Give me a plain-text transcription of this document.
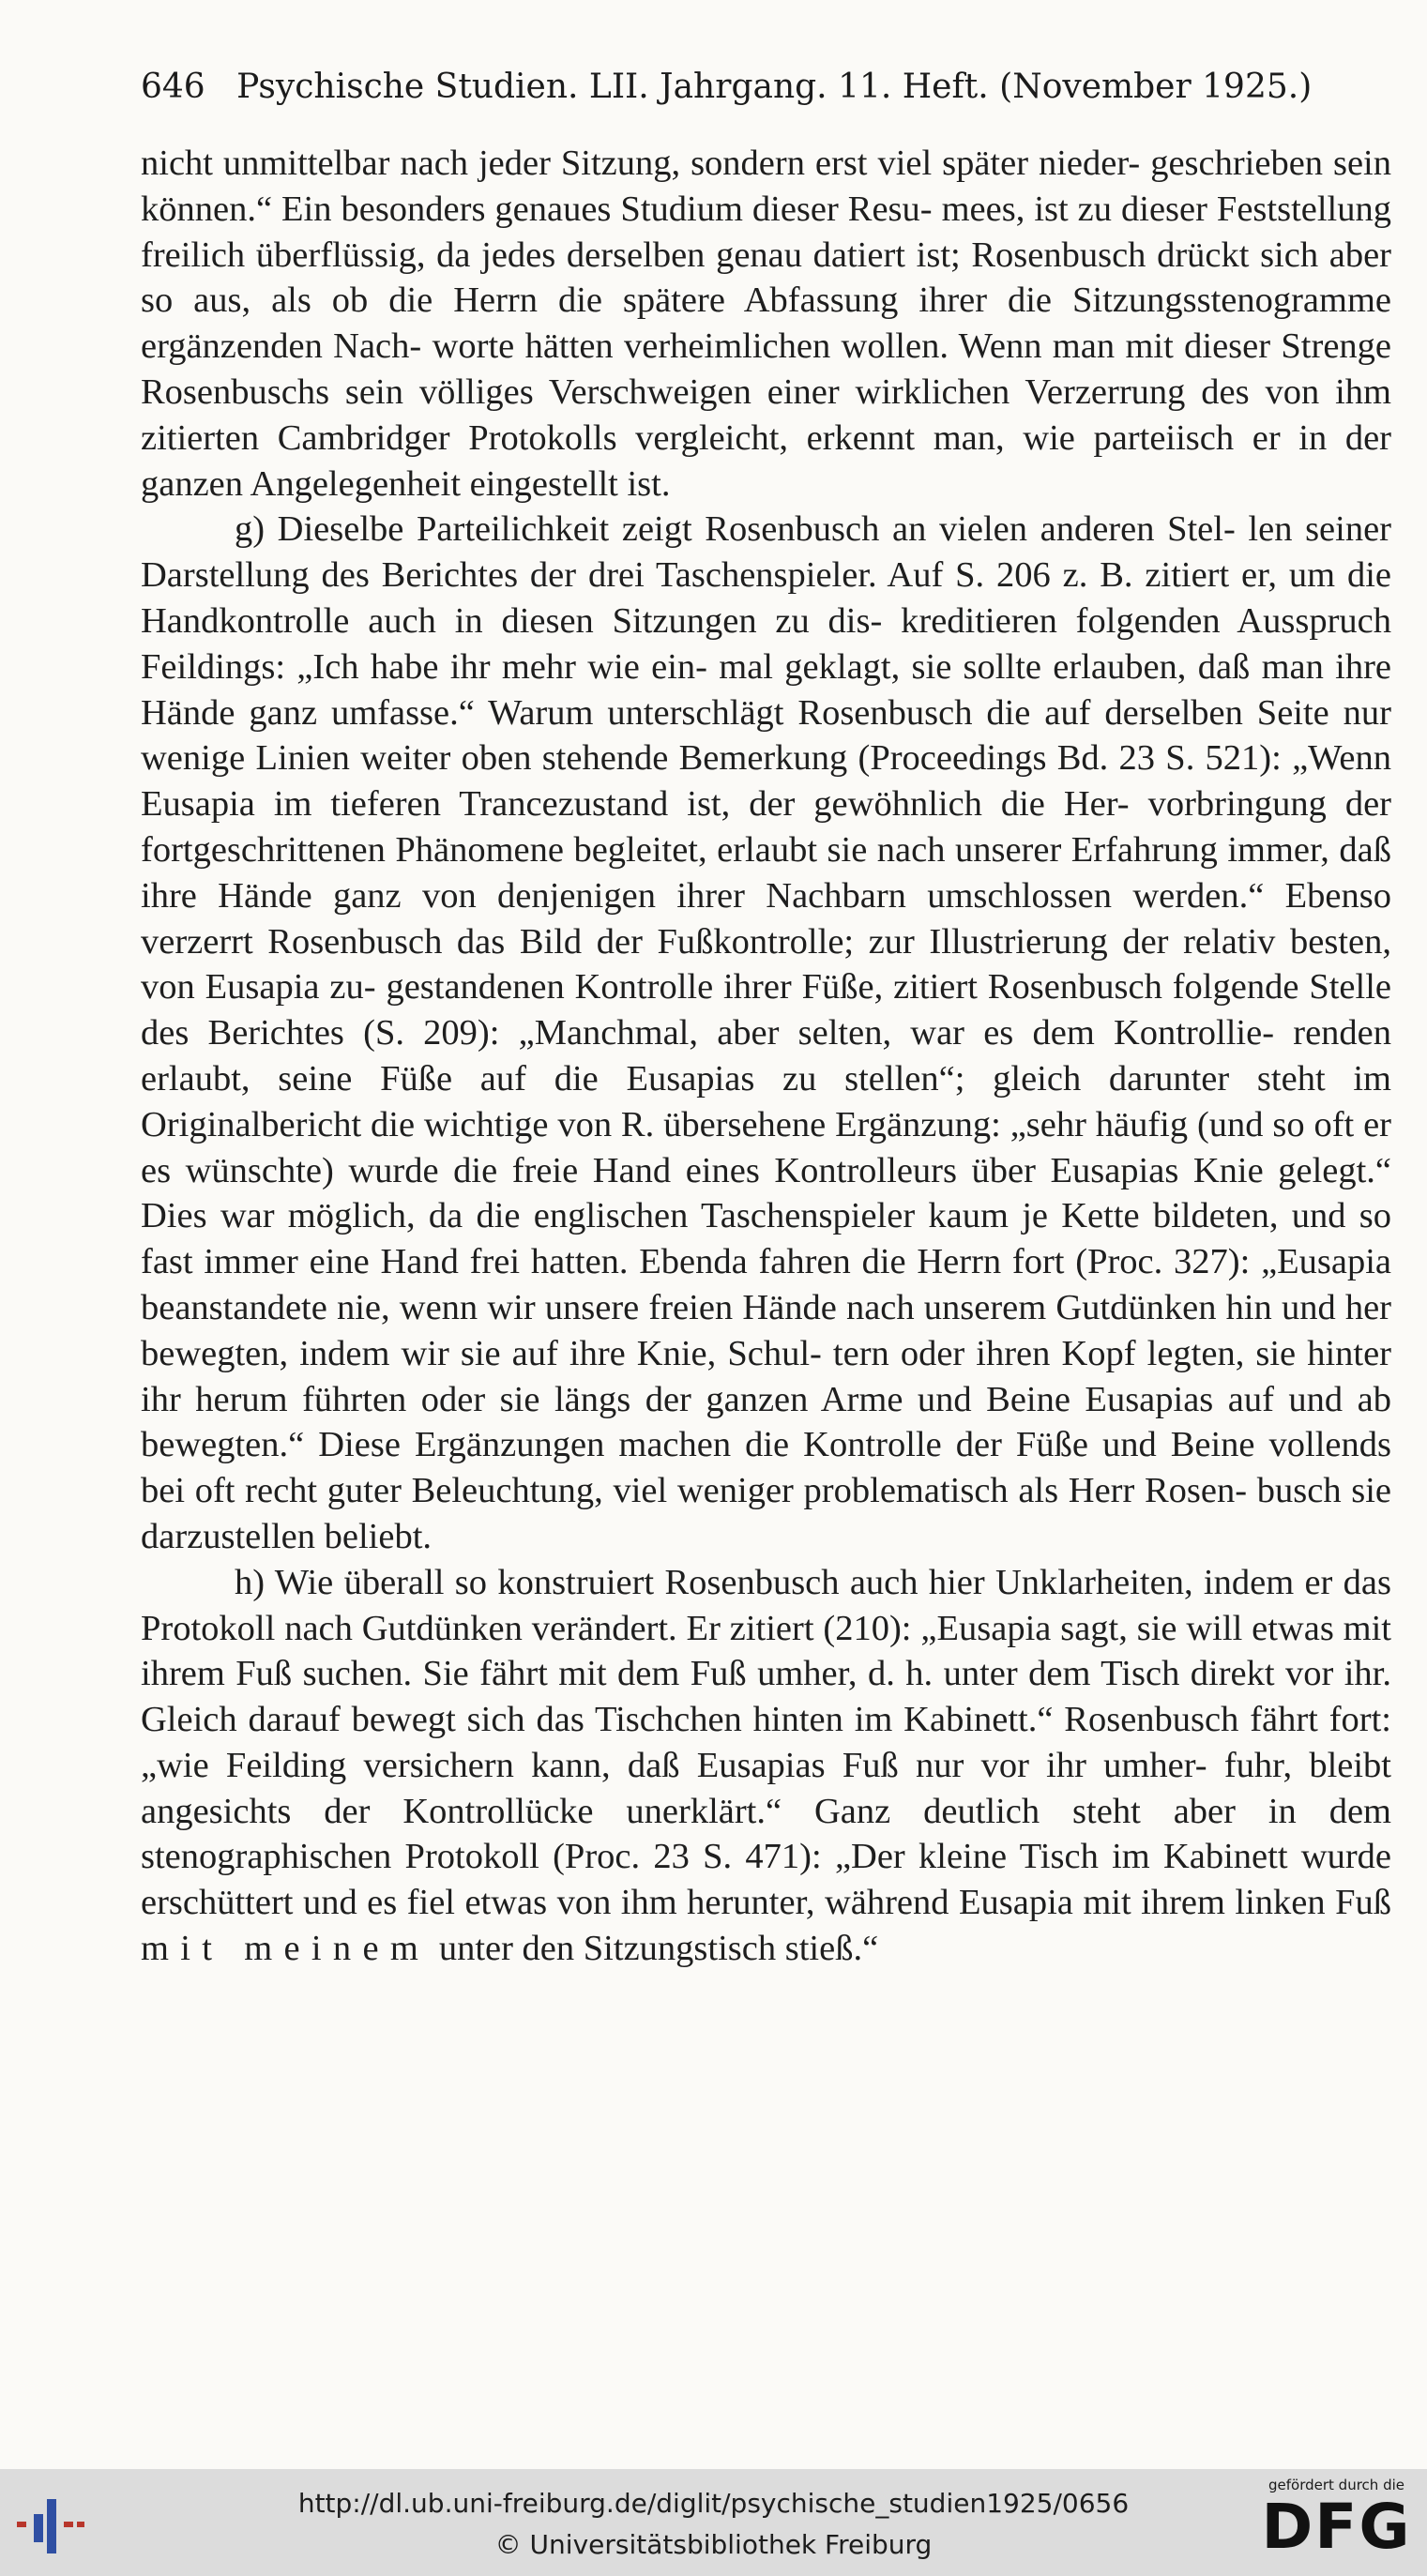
646 Psychische Studien. LII. Jahrgang. 11. Heft. (November 1925.)

nicht unmittelbar nach jeder Sitzung, sondern erst viel später nieder- geschrieben sein können.“ Ein besonders genaues Studium dieser Resu- mees, ist zu dieser Feststellung freilich überflüssig, da jedes derselben genau datiert ist; Rosenbusch drückt sich aber so aus, als ob die Herrn die spätere Abfassung ihrer die Sitzungsstenogramme ergänzenden Nach- worte hätten verheimlichen wollen. Wenn man mit dieser Strenge Rosenbuschs sein völliges Verschweigen einer wirklichen Verzerrung des von ihm zitierten Cambridger Protokolls vergleicht, erkennt man, wie parteiisch er in der ganzen Angelegenheit eingestellt ist.

g) Dieselbe Parteilichkeit zeigt Rosenbusch an vielen anderen Stel- len seiner Darstellung des Berichtes der drei Taschenspieler. Auf S. 206 z. B. zitiert er, um die Handkontrolle auch in diesen Sitzungen zu dis- kreditieren folgenden Ausspruch Feildings: „Ich habe ihr mehr wie ein- mal geklagt, sie sollte erlauben, daß man ihre Hände ganz umfasse.“ Warum unterschlägt Rosenbusch die auf derselben Seite nur wenige Linien weiter oben stehende Bemerkung (Proceedings Bd. 23 S. 521): „Wenn Eusapia im tieferen Trancezustand ist, der gewöhnlich die Her- vorbringung der fortgeschrittenen Phänomene begleitet, erlaubt sie nach unserer Erfahrung immer, daß ihre Hände ganz von denjenigen ihrer Nachbarn umschlossen werden.“ Ebenso verzerrt Rosenbusch das Bild der Fußkontrolle; zur Illustrierung der relativ besten, von Eusapia zu- gestandenen Kontrolle ihrer Füße, zitiert Rosenbusch folgende Stelle des Berichtes (S. 209): „Manchmal, aber selten, war es dem Kontrollie- renden erlaubt, seine Füße auf die Eusapias zu stellen“; gleich darunter steht im Originalbericht die wichtige von R. übersehene Ergänzung: „sehr häufig (und so oft er es wünschte) wurde die freie Hand eines Kontrolleurs über Eusapias Knie gelegt.“ Dies war möglich, da die englischen Taschenspieler kaum je Kette bildeten, und so fast immer eine Hand frei hatten. Ebenda fahren die Herrn fort (Proc. 327): „Eusapia beanstandete nie, wenn wir unsere freien Hände nach unserem Gutdünken hin und her bewegten, indem wir sie auf ihre Knie, Schul- tern oder ihren Kopf legten, sie hinter ihr herum führten oder sie längs der ganzen Arme und Beine Eusapias auf und ab bewegten.“ Diese Ergänzungen machen die Kontrolle der Füße und Beine vollends bei oft recht guter Beleuchtung, viel weniger problematisch als Herr Rosen- busch sie darzustellen beliebt.

h) Wie überall so konstruiert Rosenbusch auch hier Unklarheiten, indem er das Protokoll nach Gutdünken verändert. Er zitiert (210): „Eusapia sagt, sie will etwas mit ihrem Fuß suchen. Sie fährt mit dem Fuß umher, d. h. unter dem Tisch direkt vor ihr. Gleich darauf bewegt sich das Tischchen hinten im Kabinett.“ Rosenbusch fährt fort: „wie Feilding versichern kann, daß Eusapias Fuß nur vor ihr umher- fuhr, bleibt angesichts der Kontrollücke unerklärt.“ Ganz deutlich steht aber in dem stenographischen Protokoll (Proc. 23 S. 471): „Der kleine Tisch im Kabinett wurde erschüttert und es fiel etwas von ihm herunter, während Eusapia mit ihrem linken Fuß mit meinem unter den Sitzungstisch stieß.“

http://dl.ub.uni-freiburg.de/diglit/psychische_studien1925/0656
© Universitätsbibliothek Freiburg
gefördert durch die
DFG
